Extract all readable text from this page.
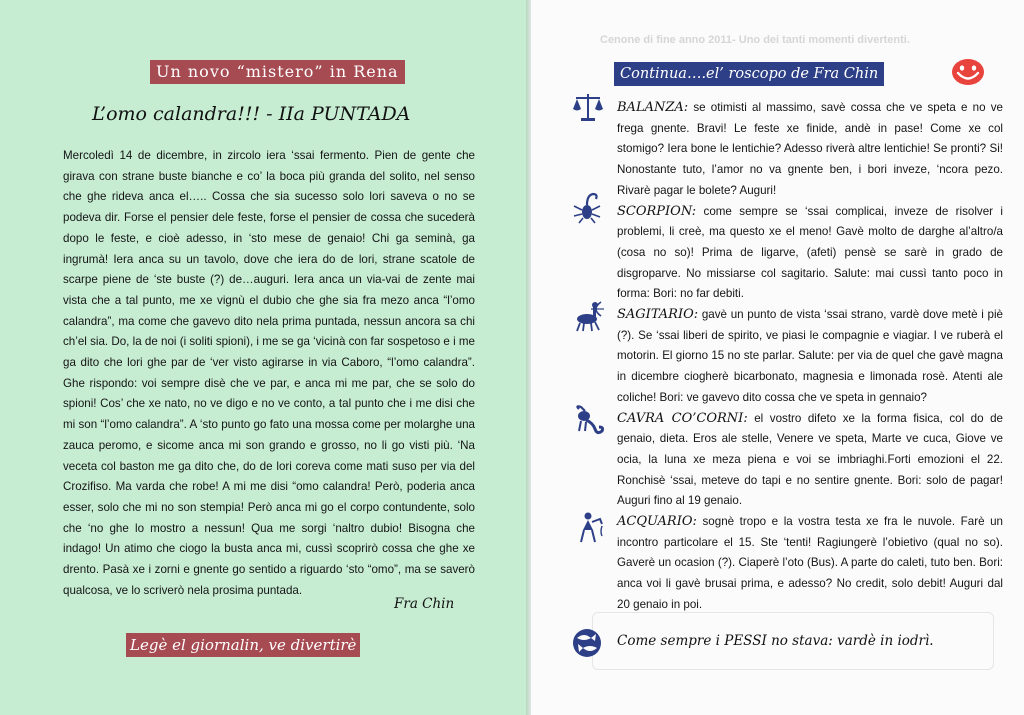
Un novo “mistero” in Rena
L’omo calandra!!! - IIa PUNTADA

Mercoledì 14 de dicembre, in zircolo iera ‘ssai fermento. Pien de gente che girava con strane buste bianche e co’ la boca più granda del solito, nel senso che ghe rideva anca el….. Cossa che sia sucesso solo lori saveva o no se podeva dir. Forse el pensier dele feste, forse el pensier de cossa che sucederà dopo le feste, e cioè adesso, in ‘sto mese de genaio! Chi ga seminà, ga ingrumà! Iera anca su un tavolo, dove che iera do de lori, strane scatole de scarpe piene de ‘ste buste (?) de…auguri. Iera anca un via-vai de zente mai vista che a tal punto, me xe vignù el dubio che ghe sia fra mezo anca “l’omo calandra”, ma come che gavevo dito nela prima puntada, nessun ancora sa chi ch’el sia. Do, la de noi (i soliti spioni), i me se ga ‘vicinà con far sospetoso e i me ga dito che lori ghe par de ‘ver visto agirarse in via Caboro, “l’omo calandra”. Ghe rispondo: voi sempre disè che ve par, e anca mi me par, che se solo do spioni! Cos’ che xe nato, no ve digo e no ve conto, a tal punto che i me disi che mi son “l’omo calandra”. A ‘sto punto go fato una mossa come per molarghe una zauca peromo, e sicome anca mi son grando e grosso, no li go visti più. ‘Na veceta col baston me ga dito che, do de lori coreva come mati suso per via del Crozifiso. Ma varda che robe! A mi me disi “omo calandra! Però, poderia anca esser, solo che mi no son stempia! Però anca mi go el corpo contundente, solo che ‘no ghe lo mostro a nessun! Qua me sorgi ‘naltro dubio! Bisogna che indago! Un atimo che ciogo la busta anca mi, cussì scoprirò cossa che ghe xe drento. Pasà xe i zorni e gnente go sentido a riguardo ‘sto “omo”, ma se saverò qualcosa, ve lo scriverò nela prosima puntada.

Fra Chin
Legè el giornalin, ve divertirè
Cenone di fine anno 2011- Uno dei tanti momenti divertenti.
Continua….el’ roscopo de Fra Chin

BALANZA: se otimisti al massimo, savè cossa che ve speta e no ve frega gnente. Bravi! Le feste xe finide, andè in pase! Come xe col stomigo? Iera bone le lentichie? Adesso riverà altre lentichie! Se pronti? Si! Nonostante tuto, l’amor no va gnente ben, i bori inveze, ‘ncora pezo. Rivarè pagar le bolete? Auguri!

SCORPION: come sempre se ‘ssai complicai, inveze de risolver i problemi, li creè, ma questo xe el meno! Gavè molto de darghe al’altro/a (cosa no so)! Prima de ligarve, (afeti) pensè se sarè in grado de disgroparve. No missiarse col sagitario. Salute: mai cussì tanto poco in forma: Bori: no far debiti.

SAGITARIO: gavè un punto de vista ‘ssai strano, vardè dove metè i piè (?). Se ‘ssai liberi de spirito, ve piasi le compagnie e viagiar. I ve ruberà el motorin. El giorno 15 no ste parlar. Salute: per via de quel che gavè magna in dicembre ciogherè bicarbonato, magnesia e limonada rosè. Atenti ale coliche! Bori: ve gavevo dito cossa che ve speta in gennaio?

CAVRA CO’CORNI: el vostro difeto xe la forma fisica, col do de genaio, dieta. Eros ale stelle, Venere ve speta, Marte ve cuca, Giove ve ocia, la luna xe meza piena e voi se imbriaghi.Forti emozioni el 22. Ronchisè ‘ssai, meteve do tapi e no sentire gnente. Bori: solo de pagar! Auguri fino al 19 genaio.

ACQUARIO: sognè tropo e la vostra testa xe fra le nuvole. Farè un incontro particolare el 15. Ste ‘tenti! Ragiungerè l’obietivo (qual no so). Gaverè un ocasion (?). Ciaperè l’oto (Bus). A parte do caleti, tuto ben. Bori: anca voi li gavè brusai prima, e adesso? No credit, solo debit! Auguri dal 20 genaio in poi.

Come sempre i PESSI no stava: vardè in iodrì.
